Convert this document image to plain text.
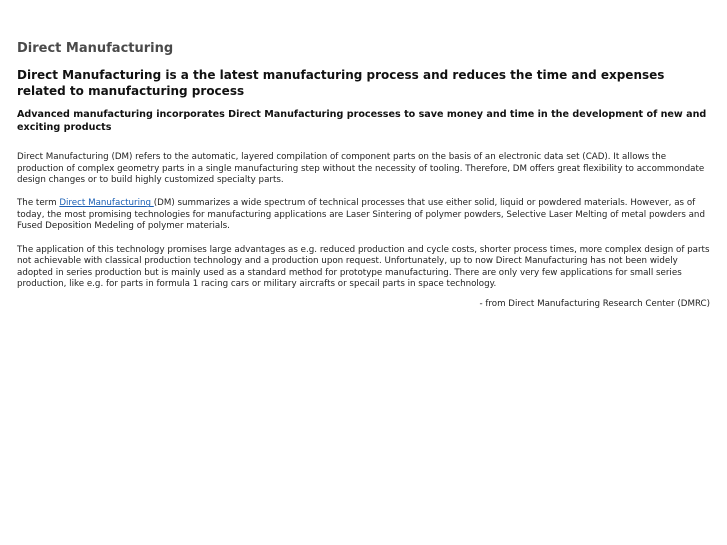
Direct Manufacturing
Direct Manufacturing is a the latest manufacturing process and reduces the time and expenses related to manufacturing process
Advanced manufacturing incorporates Direct Manufacturing processes to save money and time in the development of new and exciting products

Direct Manufacturing (DM) refers to the automatic, layered compilation of component parts on the basis of an electronic data set (CAD). It allows the production of complex geometry parts in a single manufacturing step without the necessity of tooling. Therefore, DM offers great flexibility to accommondate design changes or to build highly customized specialty parts.

The term Direct Manufacturing (DM) summarizes a wide spectrum of technical processes that use either solid, liquid or powdered materials. However, as of today, the most promising technologies for manufacturing applications are Laser Sintering of polymer powders, Selective Laser Melting of metal powders and Fused Deposition Medeling of polymer materials.

The application of this technology promises large advantages as e.g. reduced production and cycle costs, shorter process times, more complex design of parts not achievable with classical production technology and a production upon request. Unfortunately, up to now Direct Manufacturing has not been widely adopted in series production but is mainly used as a standard method for prototype manufacturing. There are only very few applications for small series production, like e.g. for parts in formula 1 racing cars or military aircrafts or specail parts in space technology.

- from Direct Manufacturing Research Center (DMRC)
